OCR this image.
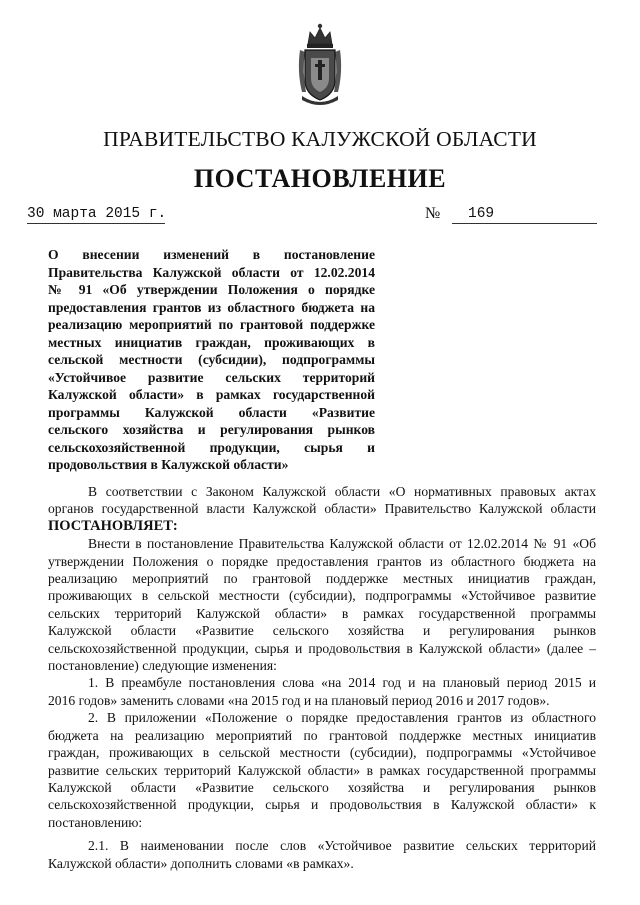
ПРАВИТЕЛЬСТВО КАЛУЖСКОЙ ОБЛАСТИ
ПОСТАНОВЛЕНИЕ
30 марта 2015 г.	№ 169
О внесении изменений в постановление
Правительства Калужской области от 12.02.2014
№ 91 «Об утверждении Положения о порядке
предоставления грантов из областного бюджета на
реализацию мероприятий по грантовой поддержке
местных инициатив граждан, проживающих в
сельской местности (субсидии), подпрограммы
«Устойчивое развитие сельских территорий
Калужской области» в рамках государственной
программы Калужской области «Развитие
сельского хозяйства и регулирования рынков
сельскохозяйственной продукции, сырья и
продовольствия в Калужской области»
В соответствии с Законом Калужской области «О нормативных правовых актах
органов государственной власти Калужской области» Правительство Калужской области
ПОСТАНОВЛЯЕТ:
Внести в постановление Правительства Калужской области от 12.02.2014 № 91 «Об
утверждении Положения о порядке предоставления грантов из областного бюджета на
реализацию мероприятий по грантовой поддержке местных инициатив граждан,
проживающих в сельской местности (субсидии), подпрограммы «Устойчивое развитие
сельских территорий Калужской области» в рамках государственной программы
Калужской области «Развитие сельского хозяйства и регулирования рынков
сельскохозяйственной продукции, сырья и продовольствия в Калужской области» (далее –
постановление) следующие изменения:
1. В преамбуле постановления слова «на 2014 год и на плановый период 2015 и
2016 годов» заменить словами «на 2015 год и на плановый период 2016 и 2017 годов».
2. В приложении «Положение о порядке предоставления грантов из областного
бюджета на реализацию мероприятий по грантовой поддержке местных инициатив
граждан, проживающих в сельской местности (субсидии), подпрограммы «Устойчивое
развитие сельских территорий Калужской области» в рамках государственной программы
Калужской области «Развитие сельского хозяйства и регулирования рынков
сельскохозяйственной продукции, сырья и продовольствия в Калужской области» к
постановлению:
2.1. В наименовании после слов «Устойчивое развитие сельских территорий
Калужской области» дополнить словами «в рамках».
